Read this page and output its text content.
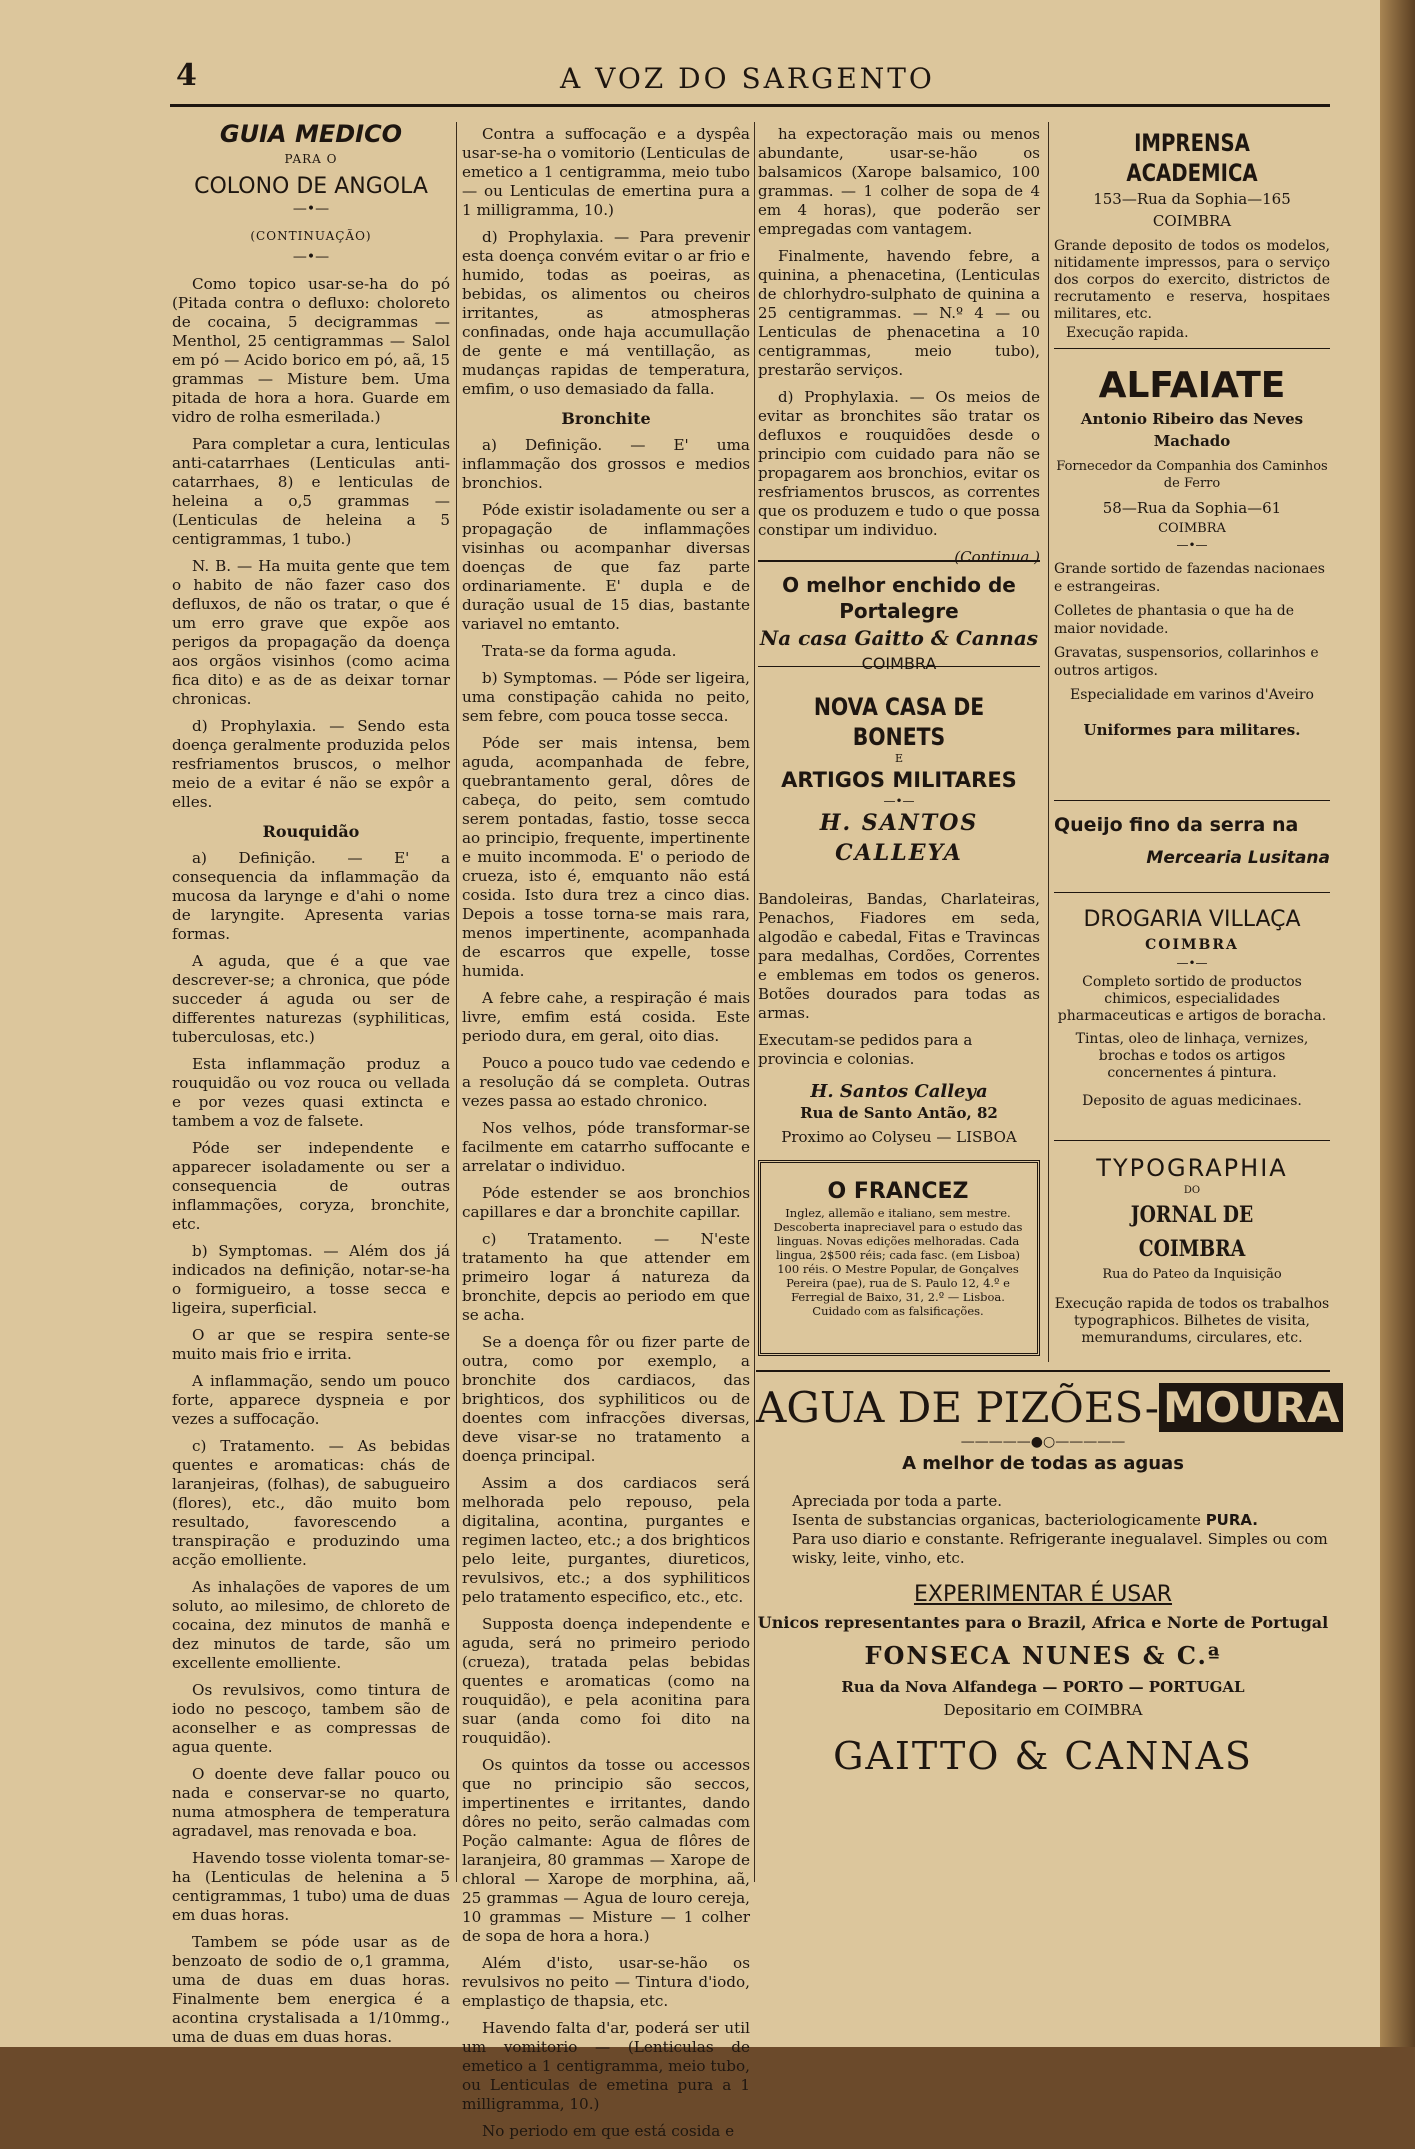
4	A VOZ DO SARGENTO
GUIA MEDICO
PARA O
COLONO DE ANGOLA
—•—
(CONTINUAÇÃO)
—•—

Como topico usar-se-ha do pó (Pitada contra o defluxo: choloreto de cocaina, 5 decigrammas — Menthol, 25 centigrammas — Salol em pó — Acido borico em pó, aã, 15 grammas — Misture bem. Uma pitada de hora a hora. Guarde em vidro de rolha esmerilada.)

Para completar a cura, lenticulas anti-catarrhaes (Lenticulas anti-catarrhaes, 8) e lenticulas de heleina a o,5 grammas — (Lenticulas de heleina a 5 centigrammas, 1 tubo.)

N. B. — Ha muita gente que tem o habito de não fazer caso dos defluxos, de não os tratar, o que é um erro grave que expõe aos perigos da propagação da doença aos orgãos visinhos (como acima fica dito) e as de as deixar tornar chronicas.

d) Prophylaxia. — Sendo esta doença geralmente produzida pelos resfriamentos bruscos, o melhor meio de a evitar é não se expôr a elles.

Rouquidão

a) Definição. — E' a consequencia da inflammação da mucosa da larynge e d'ahi o nome de laryngite. Apresenta varias formas.

A aguda, que é a que vae descrever-se; a chronica, que póde succeder á aguda ou ser de differentes naturezas (syphiliticas, tuberculosas, etc.)

Esta inflammação produz a rouquidão ou voz rouca ou vellada e por vezes quasi extincta e tambem a voz de falsete.

Póde ser independente e apparecer isoladamente ou ser a consequencia de outras inflammações, coryza, bronchite, etc.

b) Symptomas. — Além dos já indicados na definição, notar-se-ha o formigueiro, a tosse secca e ligeira, superficial.

O ar que se respira sente-se muito mais frio e irrita.

A inflammação, sendo um pouco forte, apparece dyspneia e por vezes a suffocação.

c) Tratamento. — As bebidas quentes e aromaticas: chás de laranjeiras, (folhas), de sabugueiro (flores), etc., dão muito bom resultado, favorescendo a transpiração e produzindo uma acção emolliente.

As inhalações de vapores de um soluto, ao milesimo, de chloreto de cocaina, dez minutos de manhã e dez minutos de tarde, são um excellente emolliente.

Os revulsivos, como tintura de iodo no pescoço, tambem são de aconselher e as compressas de agua quente.

O doente deve fallar pouco ou nada e conservar-se no quarto, numa atmosphera de temperatura agradavel, mas renovada e boa.

Havendo tosse violenta tomar-se-ha (Lenticulas de helenina a 5 centigrammas, 1 tubo) uma de duas em duas horas.

Tambem se póde usar as de benzoato de sodio de o,1 gramma, uma de duas em duas horas. Finalmente bem energica é a acontina crystalisada a 1/10mmg., uma de duas em duas horas.

Contra a suffocação e a dyspêa usar-se-ha o vomitorio (Lenticulas de emetico a 1 centigramma, meio tubo — ou Lenticulas de emertina pura a 1 milligramma, 10.)

d) Prophylaxia. — Para prevenir esta doença convém evitar o ar frio e humido, todas as poeiras, as bebidas, os alimentos ou cheiros irritantes, as atmospheras confinadas, onde haja accumullação de gente e má ventillação, as mudanças rapidas de temperatura, emfim, o uso demasiado da falla.

Bronchite

a) Definição. — E' uma inflammação dos grossos e medios bronchios.

Póde existir isoladamente ou ser a propagação de inflammações visinhas ou acompanhar diversas doenças de que faz parte ordinariamente. E' dupla e de duração usual de 15 dias, bastante variavel no emtanto.

Trata-se da forma aguda.

b) Symptomas. — Póde ser ligeira, uma constipação cahida no peito, sem febre, com pouca tosse secca.

Póde ser mais intensa, bem aguda, acompanhada de febre, quebrantamento geral, dôres de cabeça, do peito, sem comtudo serem pontadas, fastio, tosse secca ao principio, frequente, impertinente e muito incommoda. E' o periodo de crueza, isto é, emquanto não está cosida. Isto dura trez a cinco dias. Depois a tosse torna-se mais rara, menos impertinente, acompanhada de escarros que expelle, tosse humida.

A febre cahe, a respiração é mais livre, emfim está cosida. Este periodo dura, em geral, oito dias.

Pouco a pouco tudo vae cedendo e a resolução dá se completa. Outras vezes passa ao estado chronico.

Nos velhos, póde transformar-se facilmente em catarrho suffocante e arrelatar o individuo.

Póde estender se aos bronchios capillares e dar a bronchite capillar.

c) Tratamento. — N'este tratamento ha que attender em primeiro logar á natureza da bronchite, depcis ao periodo em que se acha.

Se a doença fôr ou fizer parte de outra, como por exemplo, a bronchite dos cardiacos, das brighticos, dos syphiliticos ou de doentes com infracções diversas, deve visar-se no tratamento a doença principal.

Assim a dos cardiacos será melhorada pelo repouso, pela digitalina, acontina, purgantes e regimen lacteo, etc.; a dos brighticos pelo leite, purgantes, diureticos, revulsivos, etc.; a dos syphiliticos pelo tratamento especifico, etc., etc.

Supposta doença independente e aguda, será no primeiro periodo (crueza), tratada pelas bebidas quentes e aromaticas (como na rouquidão), e pela aconitina para suar (anda como foi dito na rouquidão).

Os quintos da tosse ou accessos que no principio são seccos, impertinentes e irritantes, dando dôres no peito, serão calmadas com Poção calmante: Agua de flôres de laranjeira, 80 grammas — Xarope de chloral — Xarope de morphina, aã, 25 grammas — Agua de louro cereja, 10 grammas — Misture — 1 colher de sopa de hora a hora.)

Além d'isto, usar-se-hão os revulsivos no peito — Tintura d'iodo, emplastiço de thapsia, etc.

Havendo falta d'ar, poderá ser util um vomitorio — (Lenticulas de emetico a 1 centigramma, meio tubo, ou Lenticulas de emetina pura a 1 milligramma, 10.)

No periodo em que está cosida e

ha expectoração mais ou menos abundante, usar-se-hão os balsamicos (Xarope balsamico, 100 grammas. — 1 colher de sopa de 4 em 4 horas), que poderão ser empregadas com vantagem.

Finalmente, havendo febre, a quinina, a phenacetina, (Lenticulas de chlorhydro-sulphato de quinina a 25 centigrammas. — N.º 4 — ou Lenticulas de phenacetina a 10 centigrammas, meio tubo), prestarão serviços.

d) Prophylaxia. — Os meios de evitar as bronchites são tratar os defluxos e rouquidões desde o principio com cuidado para não se propagarem aos bronchios, evitar os resfriamentos bruscos, as correntes que os produzem e tudo o que possa constipar um individuo.

(Continua.)
O melhor enchido de Portalegre
Na casa Gaitto & Cannas
COIMBRA
NOVA CASA DE BONETS
E
ARTIGOS MILITARES
—•—
H. SANTOS CALLEYA
Bandoleiras, Bandas, Charlateiras, Penachos, Fiadores em seda, algodão e cabedal, Fitas e Travincas para medalhas, Cordões, Correntes e emblemas em todos os generos. Botões dourados para todas as armas.
Executam-se pedidos para a provincia e colonias.
H. Santos Calleya
Rua de Santo Antão, 82
Proximo ao Colyseu — LISBOA
O FRANCEZ
Inglez, allemão e italiano, sem mestre. Descoberta inapreciavel para o estudo das linguas. Novas edições melhoradas. Cada lingua, 2$500 réis; cada fasc. (em Lisboa) 100 réis. O Mestre Popular, de Gonçalves Pereira (pae), rua de S. Paulo 12, 4.º e Ferregial de Baixo, 31, 2.º — Lisboa. Cuidado com as falsificações.
IMPRENSA ACADEMICA
153—Rua da Sophia—165
COIMBRA
Grande deposito de todos os modelos, nitidamente impressos, para o serviço dos corpos do exercito, districtos de recrutamento e reserva, hospitaes militares, etc.
Execução rapida.
ALFAIATE
Antonio Ribeiro das Neves Machado
Fornecedor da Companhia dos Caminhos de Ferro
58—Rua da Sophia—61
COIMBRA
—•—
Grande sortido de fazendas nacionaes e estrangeiras.
Colletes de phantasia o que ha de maior novidade.
Gravatas, suspensorios, collarinhos e outros artigos.
Especialidade em varinos d'Aveiro
Uniformes para militares.
Queijo fino da serra na
Mercearia Lusitana
DROGARIA VILLAÇA
COIMBRA
—•—
Completo sortido de productos chimicos, especialidades pharmaceuticas e artigos de boracha.
Tintas, oleo de linhaça, vernizes, brochas e todos os artigos concernentes á pintura.
Deposito de aguas medicinaes.
TYPOGRAPHIA
DO
JORNAL DE COIMBRA
Rua do Pateo da Inquisição
Execução rapida de todos os trabalhos typographicos. Bilhetes de visita, memurandums, circulares, etc.
AGUA DE PIZÕES-MOURA
—————●○—————
A melhor de todas as aguas
Apreciada por toda a parte.
Isenta de substancias organicas, bacteriologicamente PURA.
Para uso diario e constante. Refrigerante inegualavel. Simples ou com wisky, leite, vinho, etc.
EXPERIMENTAR É USAR
Unicos representantes para o Brazil, Africa e Norte de Portugal
FONSECA NUNES & C.ª
Rua da Nova Alfandega — PORTO — PORTUGAL
Depositario em COIMBRA
GAITTO & CANNAS
